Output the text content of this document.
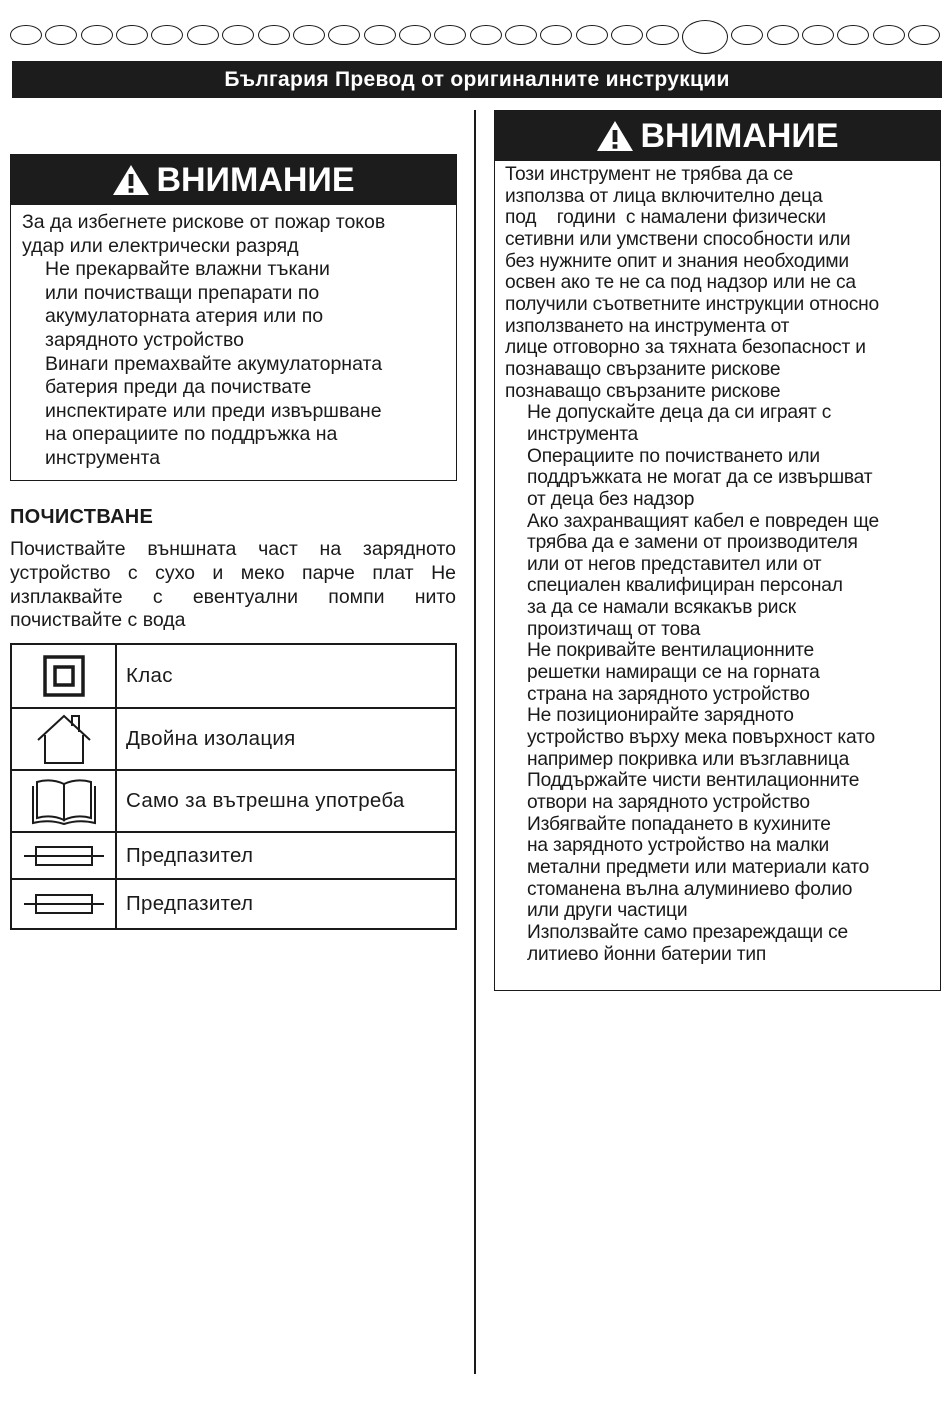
България Превод от оригиналните инструкции
ВНИМАНИЕ
За да избегнете рискове от пожар токов
удар или електрически разряд
Не прекарвайте влажни тъкани
или почистващи препарати по
акумулаторната атерия или по
зарядното устройство
Винаги премахвайте акумулаторната
батерия преди да почиствате
инспектирате или преди извършване
на операциите по поддръжка на
инструмента
ПОЧИСТВАНЕ
Почиствайте външната част на зарядното устройство с сухо и меко парче плат Не изплаквайте с евентуални помпи нито почиствайте с вода
	Клас

	Двойна изолация

	Само за вътрешна употреба

	Предпазител

	Предпазител
ВНИМАНИЕ
Този инструмент не трябва да се
използва от лица включително деца
под    години  с намалени физически
сетивни или умствени способности или
без нужните опит и знания необходими
освен ако те не са под надзор или не са
получили съответните инструкции относно
използването на инструмента от
лице отговорно за тяхната безопасност и
познаващо свързаните рискове
познаващо свързаните рискове
Не допускайте деца да си играят с
инструмента
Операциите по почистването или
поддръжката не могат да се извършват
от деца без надзор
Ако захранващият кабел е повреден ще
трябва да е замени от производителя
или от негов представител или от
специален квалифициран персонал
за да се намали всякакъв риск
произтичащ от това
Не покривайте вентилационните
решетки намиращи се на горната
страна на зарядното устройство
Не позиционирайте зарядното
устройство върху мека повърхност като
например покривка или възглавница
Поддържайте чисти вентилационните
отвори на зарядното устройство
Избягвайте попадането в кухините
на зарядното устройство на малки
метални предмети или материали като
стоманена вълна алуминиево фолио
или други частици
Използвайте само презареждащи се
литиево йонни батерии тип
